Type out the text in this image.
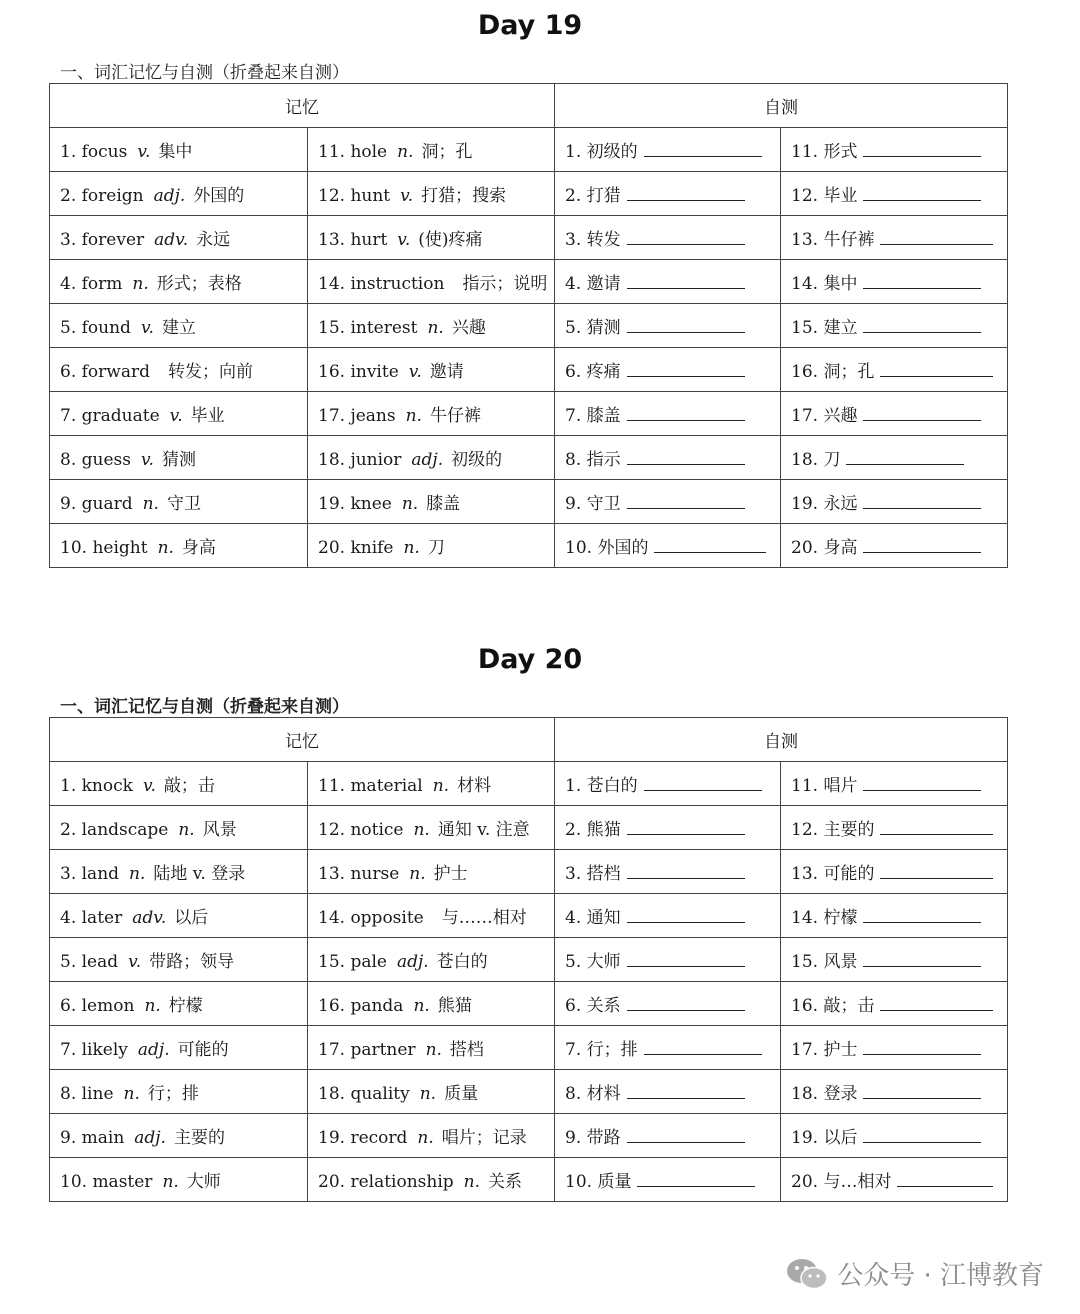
Day 19
一、词汇记忆与自测（折叠起来自测）
记忆		自测	
1. focus v. 集中	11. hole n. 洞；孔	1. 初级的	11. 形式
2. foreign adj. 外国的	12. hunt v. 打猎；搜索	2. 打猎	12. 毕业
3. forever adv. 永远	13. hurt v. (使)疼痛	3. 转发	13. 牛仔裤
4. form n. 形式；表格	14. instruction 指示；说明	4. 邀请	14. 集中
5. found v. 建立	15. interest n. 兴趣	5. 猜测	15. 建立
6. forward 转发；向前	16. invite v. 邀请	6. 疼痛	16. 洞；孔
7. graduate v. 毕业	17. jeans n. 牛仔裤	7. 膝盖	17. 兴趣
8. guess v. 猜测	18. junior adj. 初级的	8. 指示	18. 刀
9. guard n. 守卫	19. knee n. 膝盖	9. 守卫	19. 永远
10. height n. 身高	20. knife n. 刀	10. 外国的	20. 身高
Day 20
一、词汇记忆与自测（折叠起来自测）
记忆		自测	
1. knock v. 敲；击	11. material n. 材料	1. 苍白的	11. 唱片
2. landscape n. 风景	12. notice n. 通知 v. 注意	2. 熊猫	12. 主要的
3. land n. 陆地 v. 登录	13. nurse n. 护士	3. 搭档	13. 可能的
4. later adv. 以后	14. opposite 与……相对	4. 通知	14. 柠檬
5. lead v. 带路；领导	15. pale adj. 苍白的	5. 大师	15. 风景
6. lemon n. 柠檬	16. panda n. 熊猫	6. 关系	16. 敲；击
7. likely adj. 可能的	17. partner n. 搭档	7. 行；排	17. 护士
8. line n. 行；排	18. quality n. 质量	8. 材料	18. 登录
9. main adj. 主要的	19. record n. 唱片；记录	9. 带路	19. 以后
10. master n. 大师	20. relationship n. 关系	10. 质量	20. 与…相对
公众号 · 江博教育
